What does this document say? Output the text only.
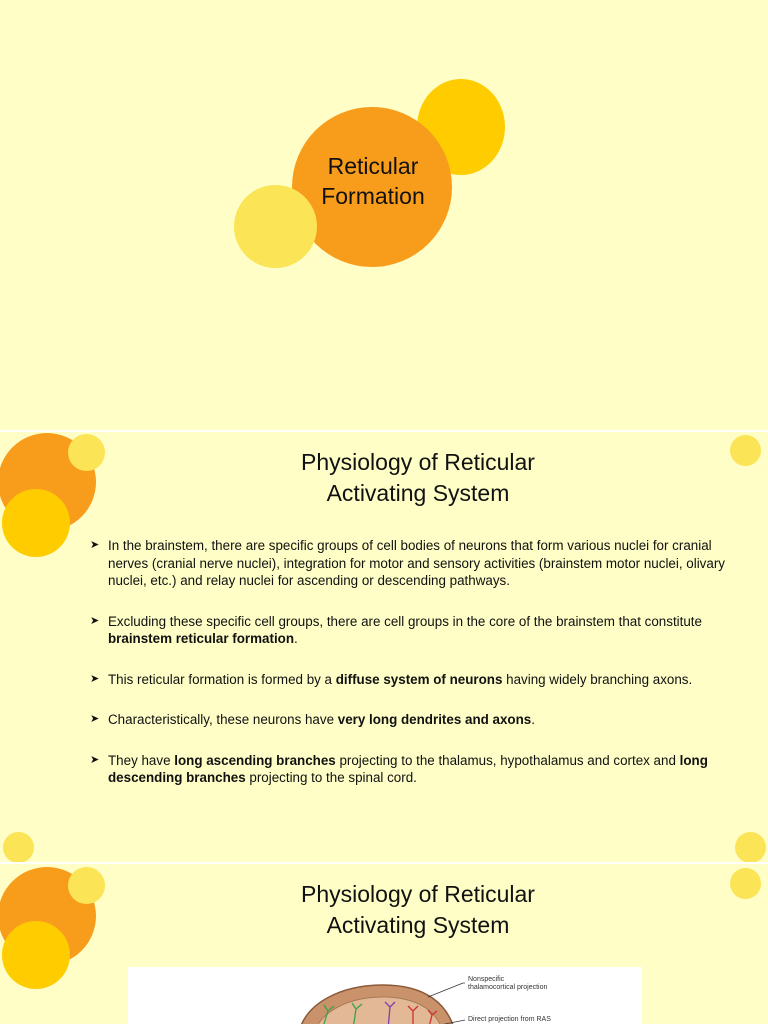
Reticular
Formation
Physiology of Reticular
Activating System
➤ In the brainstem, there are specific groups of cell bodies of neurons that form various nuclei for cranial nerves (cranial nerve nuclei), integration for motor and sensory activities (brainstem motor nuclei, olivary nuclei, etc.) and relay nuclei for ascending or descending pathways.
➤ Excluding these specific cell groups, there are cell groups in the core of the brainstem that constitute brainstem reticular formation.
➤ This reticular formation is formed by a diffuse system of neurons having widely branching axons.
➤ Characteristically, these neurons have very long dendrites and axons.
➤ They have long ascending branches projecting to the thalamus, hypothalamus and cortex and long descending branches projecting to the spinal cord.
Physiology of Reticular
Activating System
Nonspecific
thalamocortical projection
Direct projection from RAS
